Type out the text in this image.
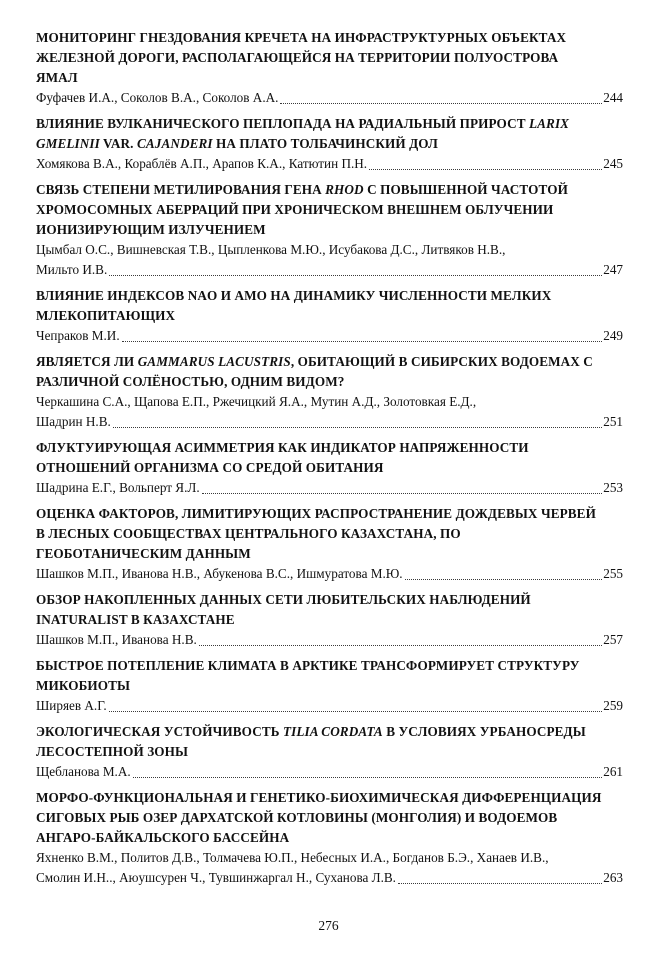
МОНИТОРИНГ ГНЕЗДОВАНИЯ КРЕЧЕТА НА ИНФРАСТРУКТУРНЫХ ОБЪЕКТАХ
ЖЕЛЕЗНОЙ ДОРОГИ, РАСПОЛАГАЮЩЕЙСЯ НА ТЕРРИТОРИИ ПОЛУОСТРОВА
ЯМАЛ
Фуфачев И.А., Соколов В.А., Соколов А.А.	244
ВЛИЯНИЕ ВУЛКАНИЧЕСКОГО ПЕПЛОПАДА НА РАДИАЛЬНЫЙ ПРИРОСТ LARIX
GMELINII VAR. CAJANDERI НА ПЛАТО ТОЛБАЧИНСКИЙ ДОЛ
Хомякова В.А., Кораблёв А.П., Арапов К.А., Катютин П.Н.	245
СВЯЗЬ СТЕПЕНИ МЕТИЛИРОВАНИЯ ГЕНА RHOD С ПОВЫШЕННОЙ ЧАСТОТОЙ
ХРОМОСОМНЫХ АБЕРРАЦИЙ ПРИ ХРОНИЧЕСКОМ ВНЕШНЕМ ОБЛУЧЕНИИ
ИОНИЗИРУЮЩИМ ИЗЛУЧЕНИЕМ
Цымбал О.С., Вишневская Т.В., Цыпленкова М.Ю., Исубакова Д.С., Литвяков Н.В.,
Мильто И.В.	247
ВЛИЯНИЕ ИНДЕКСОВ NAO И AMO НА ДИНАМИКУ ЧИСЛЕННОСТИ МЕЛКИХ
МЛЕКОПИТАЮЩИХ
Чепраков М.И.	249
ЯВЛЯЕТСЯ ЛИ GAMMARUS LACUSTRIS, ОБИТАЮЩИЙ В СИБИРСКИХ ВОДОЕМАХ С
РАЗЛИЧНОЙ СОЛЁНОСТЬЮ, ОДНИМ ВИДОМ?
Черкашина С.А., Щапова Е.П., Ржечицкий Я.А., Мутин А.Д., Золотовкая Е.Д.,
Шадрин Н.В.	251
ФЛУКТУИРУЮЩАЯ АСИММЕТРИЯ КАК ИНДИКАТОР НАПРЯЖЕННОСТИ
ОТНОШЕНИЙ ОРГАНИЗМА СО СРЕДОЙ ОБИТАНИЯ
Шадрина Е.Г., Вольперт Я.Л.	253
ОЦЕНКА ФАКТОРОВ, ЛИМИТИРУЮЩИХ РАСПРОСТРАНЕНИЕ ДОЖДЕВЫХ ЧЕРВЕЙ
В ЛЕСНЫХ СООБЩЕСТВАХ ЦЕНТРАЛЬНОГО КАЗАХСТАНА, ПО
ГЕОБОТАНИЧЕСКИМ ДАННЫМ
Шашков М.П., Иванова Н.В., Абукенова В.С., Ишмуратова М.Ю.	255
ОБЗОР НАКОПЛЕННЫХ ДАННЫХ СЕТИ ЛЮБИТЕЛЬСКИХ НАБЛЮДЕНИЙ
INATURALIST В КАЗАХСТАНЕ
Шашков М.П., Иванова Н.В.	257
БЫСТРОЕ ПОТЕПЛЕНИЕ КЛИМАТА В АРКТИКЕ ТРАНСФОРМИРУЕТ СТРУКТУРУ
МИКОБИОТЫ
Ширяев А.Г.	259
ЭКОЛОГИЧЕСКАЯ УСТОЙЧИВОСТЬ TILIA CORDATA В УСЛОВИЯХ УРБАНОСРЕДЫ
ЛЕСОСТЕПНОЙ ЗОНЫ
Щебланова М.А.	261
МОРФО-ФУНКЦИОНАЛЬНАЯ И ГЕНЕТИКО-БИОХИМИЧЕСКАЯ ДИФФЕРЕНЦИАЦИЯ
СИГОВЫХ РЫБ ОЗЕР ДАРХАТСКОЙ КОТЛОВИНЫ (МОНГОЛИЯ) И ВОДОЕМОВ
АНГАРО-БАЙКАЛЬСКОГО БАССЕЙНА
Яхненко В.М., Политов Д.В., Толмачева Ю.П., Небесных И.А., Богданов Б.Э., Ханаев И.В.,
Смолин И.Н.., Аюушсурен Ч., Тувшинжаргал Н., Суханова Л.В.	263
276
